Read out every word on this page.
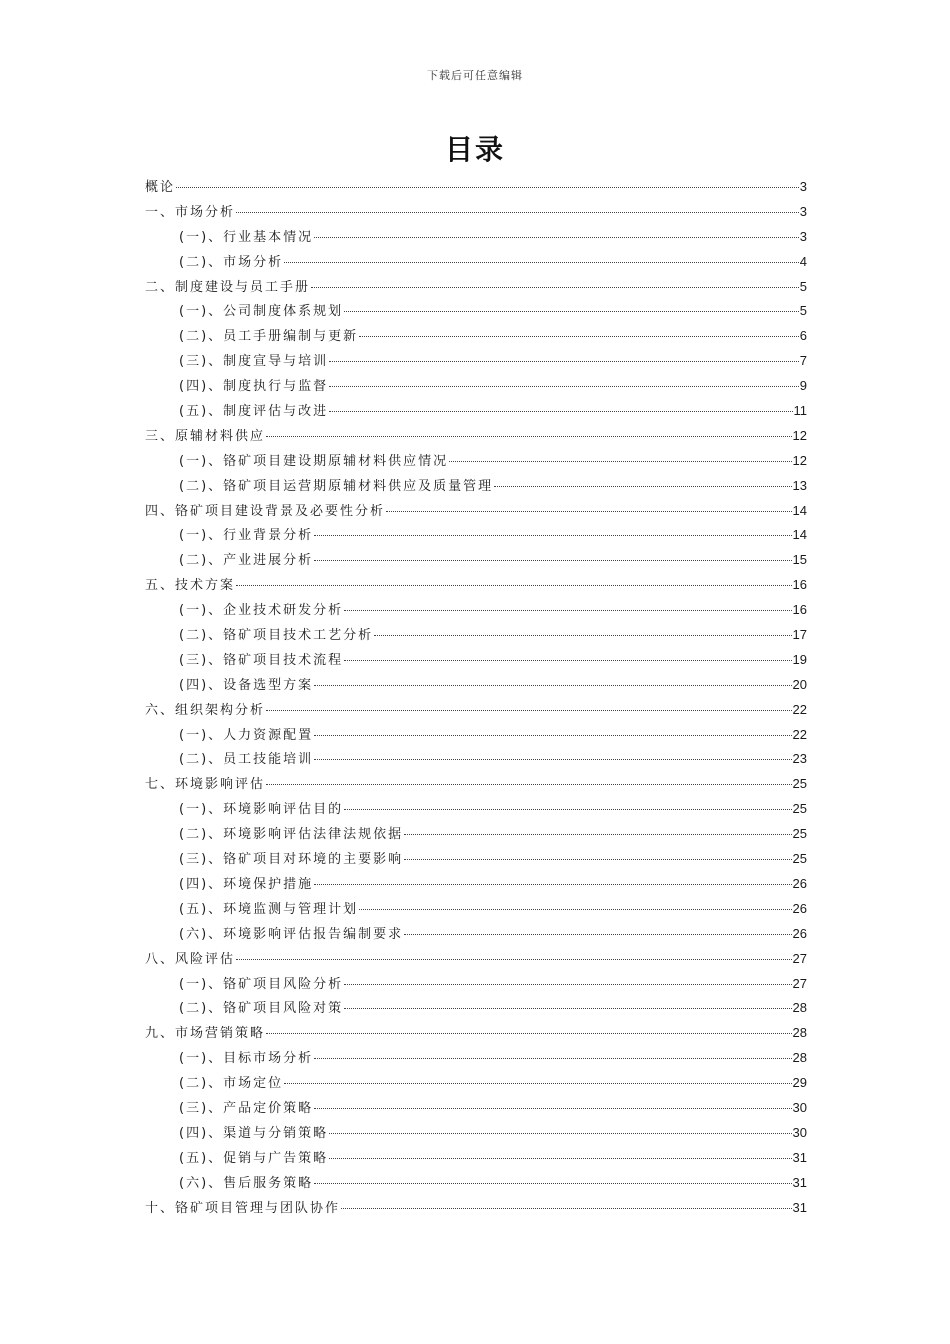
下载后可任意编辑
目录
概论	3
一、市场分析	3
(一)、行业基本情况	3
(二)、市场分析	4
二、制度建设与员工手册	5
(一)、公司制度体系规划	5
(二)、员工手册编制与更新	6
(三)、制度宣导与培训	7
(四)、制度执行与监督	9
(五)、制度评估与改进	11
三、原辅材料供应	12
(一)、铬矿项目建设期原辅材料供应情况	12
(二)、铬矿项目运营期原辅材料供应及质量管理	13
四、铬矿项目建设背景及必要性分析	14
(一)、行业背景分析	14
(二)、产业进展分析	15
五、技术方案	16
(一)、企业技术研发分析	16
(二)、铬矿项目技术工艺分析	17
(三)、铬矿项目技术流程	19
(四)、设备选型方案	20
六、组织架构分析	22
(一)、人力资源配置	22
(二)、员工技能培训	23
七、环境影响评估	25
(一)、环境影响评估目的	25
(二)、环境影响评估法律法规依据	25
(三)、铬矿项目对环境的主要影响	25
(四)、环境保护措施	26
(五)、环境监测与管理计划	26
(六)、环境影响评估报告编制要求	26
八、风险评估	27
(一)、铬矿项目风险分析	27
(二)、铬矿项目风险对策	28
九、市场营销策略	28
(一)、目标市场分析	28
(二)、市场定位	29
(三)、产品定价策略	30
(四)、渠道与分销策略	30
(五)、促销与广告策略	31
(六)、售后服务策略	31
十、铬矿项目管理与团队协作	31
